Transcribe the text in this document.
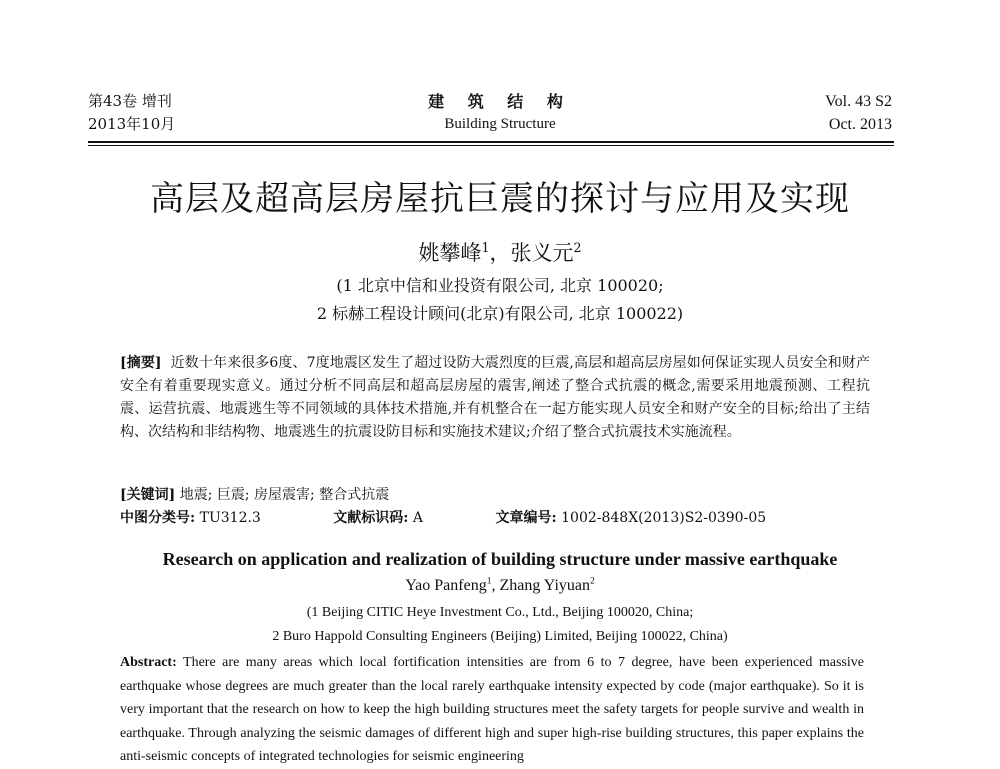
第43卷 增刊
2013年10月
建 筑 结 构
Building Structure
Vol. 43 S2
Oct. 2013
高层及超高层房屋抗巨震的探讨与应用及实现
姚攀峰$^1$，张义元$^2$
(1 北京中信和业投资有限公司, 北京 100020;
2 标赫工程设计顾问(北京)有限公司, 北京 100022)
[摘要] 近数十年来很多6度、7度地震区发生了超过设防大震烈度的巨震,高层和超高层房屋如何保证实现人员安全和财产安全有着重要现实意义。通过分析不同高层和超高层房屋的震害,阐述了整合式抗震的概念,需要采用地震预测、工程抗震、运营抗震、地震逃生等不同领域的具体技术措施,并有机整合在一起方能实现人员安全和财产安全的目标;给出了主结构、次结构和非结构物、地震逃生的抗震设防目标和实施技术建议;介绍了整合式抗震技术实施流程。
[关键词] 地震; 巨震; 房屋震害; 整合式抗震
中图分类号: TU312.3	文献标识码: A	文章编号: 1002-848X(2013)S2-0390-05
Research on application and realization of building structure under massive earthquake
Yao Panfeng$^1$, Zhang Yiyuan$^2$
(1 Beijing CITIC Heye Investment Co., Ltd., Beijing 100020, China;
2 Buro Happold Consulting Engineers (Beijing) Limited, Beijing 100022, China)
Abstract: There are many areas which local fortification intensities are from 6 to 7 degree, have been experienced massive earthquake whose degrees are much greater than the local rarely earthquake intensity expected by code (major earthquake). So it is very important that the research on how to keep the high building structures meet the safety targets for people survive and wealth in earthquake. Through analyzing the seismic damages of different high and super high-rise building structures, this paper explains the anti-seismic concepts of integrated technologies for seismic engineering
